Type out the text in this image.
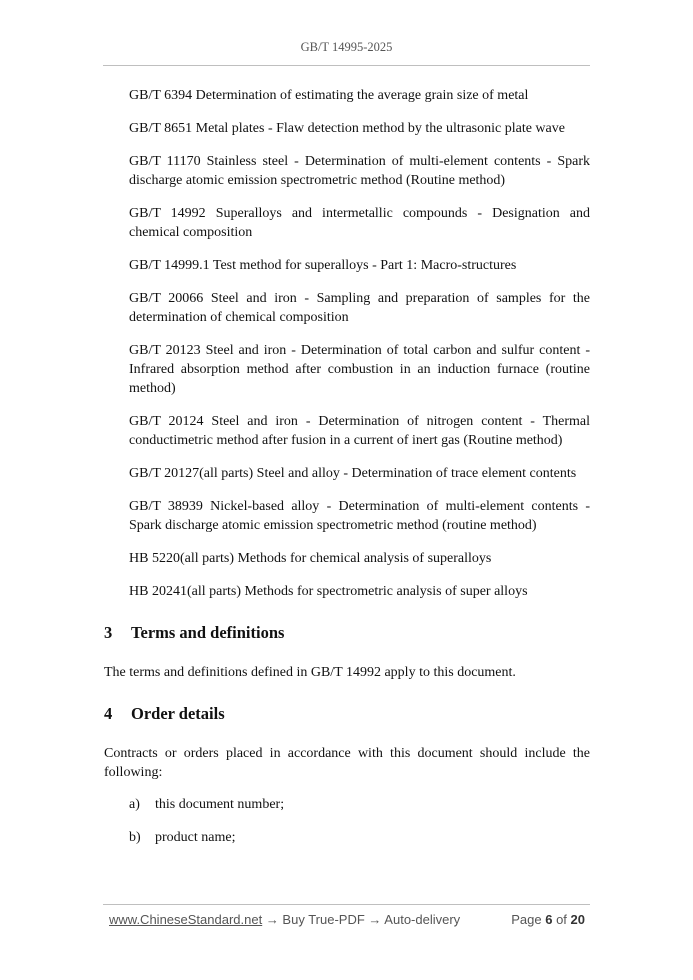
GB/T 14995-2025

GB/T 6394 Determination of estimating the average grain size of metal

GB/T 8651 Metal plates - Flaw detection method by the ultrasonic plate wave

GB/T 11170 Stainless steel - Determination of multi-element contents - Spark discharge atomic emission spectrometric method (Routine method)

GB/T 14992 Superalloys and intermetallic compounds - Designation and chemical composition

GB/T 14999.1 Test method for superalloys - Part 1: Macro-structures

GB/T 20066 Steel and iron - Sampling and preparation of samples for the determination of chemical composition

GB/T 20123 Steel and iron - Determination of total carbon and sulfur content - Infrared absorption method after combustion in an induction furnace (routine method)

GB/T 20124 Steel and iron - Determination of nitrogen content - Thermal conductimetric method after fusion in a current of inert gas (Routine method)

GB/T 20127(all parts) Steel and alloy - Determination of trace element contents

GB/T 38939 Nickel-based alloy - Determination of multi-element contents - Spark discharge atomic emission spectrometric method (routine method)

HB 5220(all parts) Methods for chemical analysis of superalloys

HB 20241(all parts) Methods for spectrometric analysis of super alloys

3 Terms and definitions

The terms and definitions defined in GB/T 14992 apply to this document.

4 Order details

Contracts or orders placed in accordance with this document should include the following:

a) this document number;
b) product name;
www.ChineseStandard.net → Buy True-PDF → Auto-delivery	Page 6 of 20
